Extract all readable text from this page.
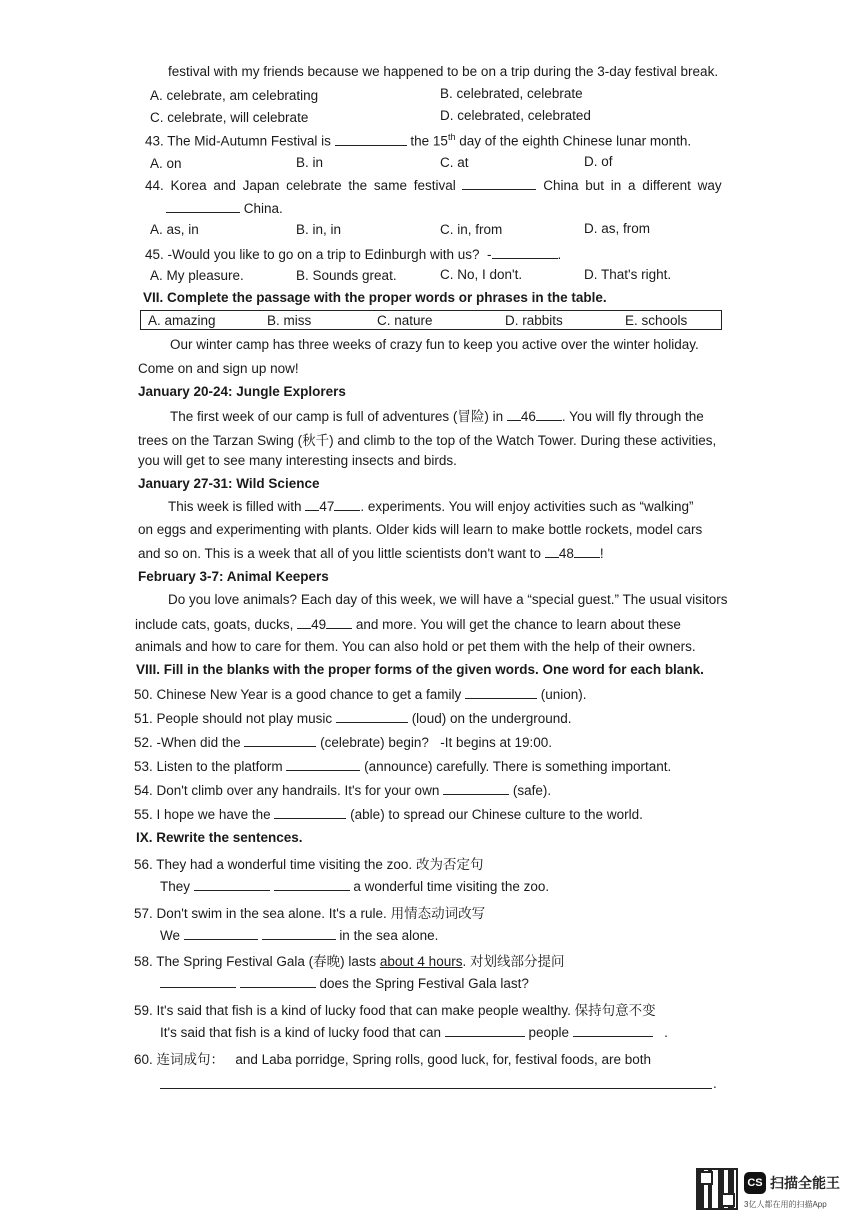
festival with my friends because we happened to be on a trip during the 3-day festival break.
A. celebrate, am celebrating	B. celebrated, celebrate
C. celebrate, will celebrate	D. celebrated, celebrated
43. The Mid-Autumn Festival is	the 15th day of the eighth Chinese lunar month.
A. on	B. in	C. at	D. of
44. Korea and Japan celebrate the same festival	China but in a different way
China.
A. as, in	B. in, in	C. in, from	D. as, from
45. -Would you like to go on a trip to Edinburgh with us? -	.
A. My pleasure.	B. Sounds great.	C. No, I don't.	D. That's right.
VII. Complete the passage with the proper words or phrases in the table.
A. amazing	B. miss	C. nature	D. rabbits	E. schools
Our winter camp has three weeks of crazy fun to keep you active over the winter holiday.
Come on and sign up now!
January 20-24: Jungle Explorers
The first week of our camp is full of adventures (冒险) in 46 . You will fly through the
trees on the Tarzan Swing (秋千) and climb to the top of the Watch Tower. During these activities,
you will get to see many interesting insects and birds.
January 27-31: Wild Science
This week is filled with 47 . experiments. You will enjoy activities such as “walking”
on eggs and experimenting with plants. Older kids will learn to make bottle rockets, model cars
and so on. This is a week that all of you little scientists don't want to 48 !
February 3-7: Animal Keepers
Do you love animals? Each day of this week, we will have a “special guest.” The usual visitors
include cats, goats, ducks, 49 and more. You will get the chance to learn about these
animals and how to care for them. You can also hold or pet them with the help of their owners.
VIII. Fill in the blanks with the proper forms of the given words. One word for each blank.
50. Chinese New Year is a good chance to get a family	(union).
51. People should not play music	(loud) on the underground.
52. -When did the	(celebrate) begin? -It begins at 19:00.
53. Listen to the platform	(announce) carefully. There is something important.
54. Don't climb over any handrails. It's for your own	(safe).
55. I hope we have the	(able) to spread our Chinese culture to the world.
IX. Rewrite the sentences.
56. They had a wonderful time visiting the zoo. 改为否定句
They	a wonderful time visiting the zoo.
57. Don't swim in the sea alone. It's a rule. 用情态动词改写
We	in the sea alone.
58. The Spring Festival Gala (春晚) lasts about 4 hours. 对划线部分提问
does the Spring Festival Gala last?
59. It's said that fish is a kind of lucky food that can make people wealthy. 保持句意不变
It's said that fish is a kind of lucky food that can	people	.
60. 连词成句： and Laba porridge, Spring rolls, good luck, for, festival foods, are both
.
CS 扫描全能王
3亿人都在用的扫描App
